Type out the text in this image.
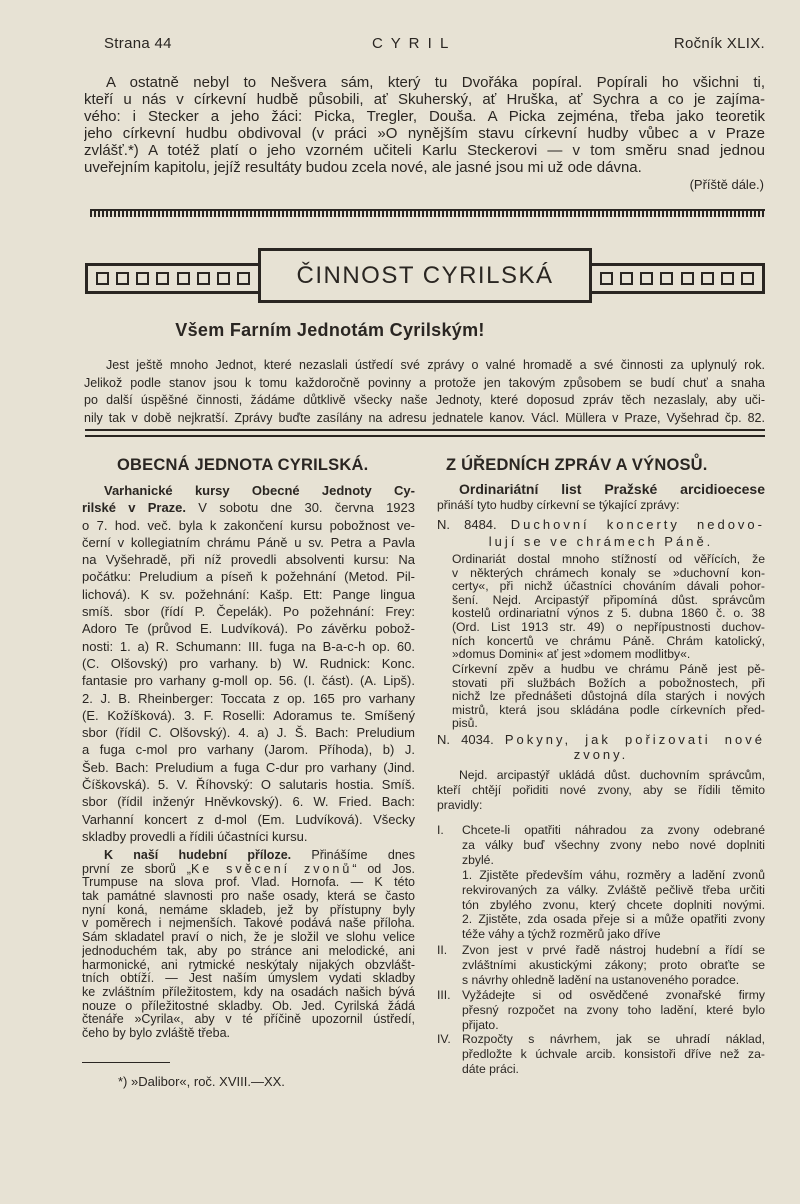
Strana 44	C Y R I L	Ročník XLIX.
A ostatně nebyl to Nešvera sám, který tu Dvořáka popíral. Popírali ho všichni ti,
kteří u nás v církevní hudbě působili, ať Skuherský, ať Hruška, ať Sychra a co je zajíma-
vého: i Stecker a jeho žáci: Picka, Tregler, Douša. A Picka zejména, třeba jako teoretik
jeho církevní hudbu obdivoval (v práci »O nynějším stavu církevní hudby vůbec a v Praze
zvlášť.*) A totéž platí o jeho vzorném učiteli Karlu Steckerovi — v tom směru snad jednou
uveřejním kapitolu, jejíž resultáty budou zcela nové, ale jasné jsou mi už ode dávna.
(Příště dále.)
ČINNOST CYRILSKÁ
Všem Farním Jednotám Cyrilským!
Jest ještě mnoho Jednot, které nezaslali ústředí své zprávy o valné hromadě a své činnosti za uplynulý rok.
Jelikož podle stanov jsou k tomu každoročně povinny a protože jen takovým způsobem se budí chuť a snaha
po další úspěšné činnosti, žádáme důtklivě všecky naše Jednoty, které doposud zpráv těch nezaslaly, aby uči-
nily tak v době nejkratší. Zprávy buďte zasílány na adresu jednatele kanov. Václ. Müllera v Praze, Vyšehrad čp. 82.
OBECNÁ JEDNOTA CYRILSKÁ.
Varhanické kursy Obecné Jednoty Cy-
rilské v Praze. V sobotu dne 30. června 1923
o 7. hod. več. byla k zakončení kursu pobožnost ve-
černí v kollegiatním chrámu Páně u sv. Petra a Pavla
na Vyšehradě, při níž provedli absolventi kursu: Na
počátku: Preludium a píseň k požehnání (Metod. Pil-
lichová). K sv. požehnání: Kašp. Ett: Pange lingua
smíš. sbor (řídí P. Čepelák). Po požehnání: Frey:
Adoro Te (průvod E. Ludvíková). Po závěrku pobož-
nosti: 1. a) R. Schumann: III. fuga na B-a-c-h op. 60.
(C. Olšovský) pro varhany. b) W. Rudnick: Konc.
fantasie pro varhany g-moll op. 56. (I. část). (A. Lipš).
2. J. B. Rheinberger: Toccata z op. 165 pro varhany
(E. Kožíšková). 3. F. Roselli: Adoramus te. Smíšený
sbor (řídil C. Olšovský). 4. a) J. Š. Bach: Preludium
a fuga c-mol pro varhany (Jarom. Příhoda), b) J.
Šeb. Bach: Preludium a fuga C-dur pro varhany (Jind.
Číškovská). 5. V. Říhovský: O salutaris hostia. Smíš.
sbor (řídil inženýr Hněvkovský). 6. W. Fried. Bach:
Varhanní koncert z d-mol (Em. Ludvíková). Všecky
skladby provedli a řídili účastníci kursu.
K naší hudební příloze. Přinášíme dnes
první ze sborů „Ke svěcení zvonů“ od Jos.
Trumpuse na slova prof. Vlad. Hornofa. — K této
tak památné slavnosti pro naše osady, která se často
nyní koná, nemáme skladeb, jež by přístupny byly
v poměrech i nejmenších. Takové podává naše příloha.
Sám skladatel praví o nich, že je složil ve slohu velice
jednoduchém tak, aby po stránce ani melodické, ani
harmonické, ani rytmické neskýtaly nijakých obzvlášt-
tních obtíží. — Jest naším úmyslem vydati skladby
ke zvláštním příležitostem, kdy na osadách našich bývá
nouze o příležitostné skladby. Ob. Jed. Cyrilská žádá
čtenáře »Cyrila«, aby v té příčině upozornil ústředí,
čeho by bylo zvláště třeba.
*) »Dalibor«, roč. XVIII.—XX.
Z ÚŘEDNÍCH ZPRÁV A VÝNOSŮ.
Ordinariátní list Pražské arcidioecese
přináší tyto hudby církevní se týkající zprávy:
N. 8484. Duchovní koncerty nedovo-
lují se ve chrámech Páně.
Ordinariát dostal mnoho stížností od věřících, že
v některých chrámech konaly se »duchovní kon-
certy«, při nichž účastníci chováním dávali pohor-
šení. Nejd. Arcipastýř připomíná důst. správcům
kostelů ordinariatní výnos z 5. dubna 1860 č. o. 38
(Ord. List 1913 str. 49) o nepřípustnosti duchov-
ních koncertů ve chrámu Páně. Chrám katolický,
»domus Domini« ať jest »domem modlitby«.
Církevní zpěv a hudbu ve chrámu Páně jest pě-
stovati při službách Božích a pobožnostech, při
nichž lze přednášeti důstojná díla starých i nových
mistrů, která jsou skládána podle církevních před-
pisů.
N. 4034. Pokyny, jak pořizovati nové
zvony.
Nejd. arcipastýř ukládá důst. duchovním správcům,
kteří chtějí pořiditi nové zvony, aby se řídili těmito
pravidly:
I.	Chcete-li opatřiti náhradou za zvony odebrané
za války buď všechny zvony nebo nové doplniti
zbylé.
1. Zjistěte především váhu, rozměry a ladění zvonů
rekvirovaných za války. Zvláště pečlivě třeba určiti
tón zbylého zvonu, který chcete doplniti novými.
2. Zjistěte, zda osada přeje si a může opatřiti zvony
téže váhy a týchž rozměrů jako dříve
II.	Zvon jest v prvé řadě nástroj hudební a řídí se
zvláštními akustickými zákony; proto obraťte se
s návrhy ohledně ladění na ustanoveného poradce.
III. Vyžádejte si od osvědčené zvonařské firmy
přesný rozpočet na zvony toho ladění, které bylo
přijato.
IV. Rozpočty s návrhem, jak se uhradí náklad,
předložte k úchvale arcib. konsistoři dříve než za-
dáte práci.
